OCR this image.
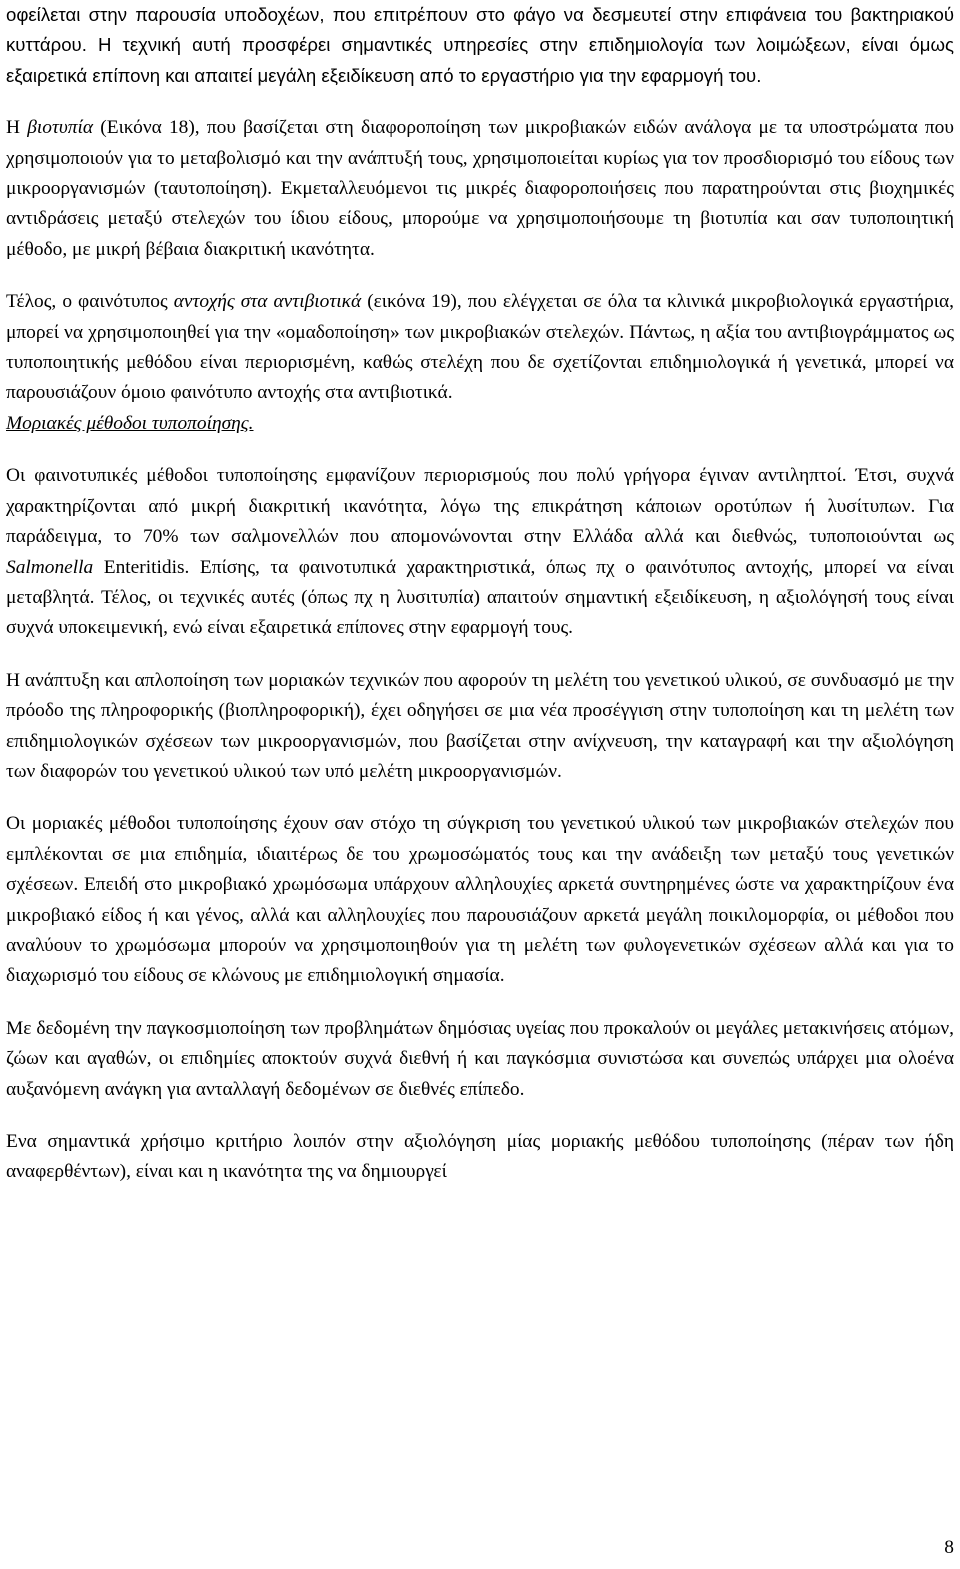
οφείλεται στην παρουσία υποδοχέων, που επιτρέπουν στο φάγο να δεσμευτεί στην επιφάνεια του βακτηριακού κυττάρου. Η τεχνική αυτή προσφέρει σημαντικές υπηρεσίες στην επιδημιολογία των λοιμώξεων, είναι όμως εξαιρετικά επίπονη και απαιτεί μεγάλη εξειδίκευση από το εργαστήριο για την εφαρμογή του.

Η βιοτυπία (Εικόνα 18), που βασίζεται στη διαφοροποίηση των μικροβιακών ειδών ανάλογα με τα υποστρώματα που χρησιμοποιούν για το μεταβολισμό και την ανάπτυξή τους, χρησιμοποιείται κυρίως για τον προσδιορισμό του είδους των μικροοργανισμών (ταυτοποίηση). Εκμεταλλευόμενοι τις μικρές διαφοροποιήσεις που παρατηρούνται στις βιοχημικές αντιδράσεις μεταξύ στελεχών του ίδιου είδους, μπορούμε να χρησιμοποιήσουμε τη βιοτυπία και σαν τυποποιητική μέθοδο, με μικρή βέβαια διακριτική ικανότητα.

Τέλος, ο φαινότυπος αντοχής στα αντιβιοτικά (εικόνα 19), που ελέγχεται σε όλα τα κλινικά μικροβιολογικά εργαστήρια, μπορεί να χρησιμοποιηθεί για την «ομαδοποίηση» των μικροβιακών στελεχών. Πάντως, η αξία του αντιβιογράμματος ως τυποποιητικής μεθόδου είναι περιορισμένη, καθώς στελέχη που δε σχετίζονται επιδημιολογικά ή γενετικά, μπορεί να παρουσιάζουν όμοιο φαινότυπο αντοχής στα αντιβιοτικά.

Μοριακές μέθοδοι τυποποίησης.

Οι φαινοτυπικές μέθοδοι τυποποίησης εμφανίζουν περιορισμούς που πολύ γρήγορα έγιναν αντιληπτοί. Έτσι, συχνά χαρακτηρίζονται από μικρή διακριτική ικανότητα, λόγω της επικράτηση κάποιων οροτύπων ή λυσίτυπων. Για παράδειγμα, το 70% των σαλμονελλών που απομονώνονται στην Ελλάδα αλλά και διεθνώς, τυποποιούνται ως Salmonella Enteritidis. Επίσης, τα φαινοτυπικά χαρακτηριστικά, όπως πχ ο φαινότυπος αντοχής, μπορεί να είναι μεταβλητά. Τέλος, οι τεχνικές αυτές (όπως πχ η λυσιτυπία) απαιτούν σημαντική εξειδίκευση, η αξιολόγησή τους είναι συχνά υποκειμενική, ενώ είναι εξαιρετικά επίπονες στην εφαρμογή τους.

Η ανάπτυξη και απλοποίηση των μοριακών τεχνικών που αφορούν τη μελέτη του γενετικού υλικού, σε συνδυασμό με την πρόοδο της πληροφορικής (βιοπληροφορική), έχει οδηγήσει σε μια νέα προσέγγιση στην τυποποίηση και τη μελέτη των επιδημιολογικών σχέσεων των μικροοργανισμών, που βασίζεται στην ανίχνευση, την καταγραφή και την αξιολόγηση των διαφορών του γενετικού υλικού των υπό μελέτη μικροοργανισμών.

Οι μοριακές μέθοδοι τυποποίησης έχουν σαν στόχο τη σύγκριση του γενετικού υλικού των μικροβιακών στελεχών που εμπλέκονται σε μια επιδημία, ιδιαιτέρως δε του χρωμοσώματός τους και την ανάδειξη των μεταξύ τους γενετικών σχέσεων. Επειδή στο μικροβιακό χρωμόσωμα υπάρχουν αλληλουχίες αρκετά συντηρημένες ώστε να χαρακτηρίζουν ένα μικροβιακό είδος ή και γένος, αλλά και αλληλουχίες που παρουσιάζουν αρκετά μεγάλη ποικιλομορφία, οι μέθοδοι που αναλύουν το χρωμόσωμα μπορούν να χρησιμοποιηθούν για τη μελέτη των φυλογενετικών σχέσεων αλλά και για το διαχωρισμό του είδους σε κλώνους με επιδημιολογική σημασία.

Με δεδομένη την παγκοσμιοποίηση των προβλημάτων δημόσιας υγείας που προκαλούν οι μεγάλες μετακινήσεις ατόμων, ζώων και αγαθών, οι επιδημίες αποκτούν συχνά διεθνή ή και παγκόσμια συνιστώσα και συνεπώς υπάρχει μια ολοένα αυξανόμενη ανάγκη για ανταλλαγή δεδομένων σε διεθνές επίπεδο.

Ενα σημαντικά χρήσιμο κριτήριο λοιπόν στην αξιολόγηση μίας μοριακής μεθόδου τυποποίησης (πέραν των ήδη αναφερθέντων), είναι και η ικανότητα της να δημιουργεί

8
